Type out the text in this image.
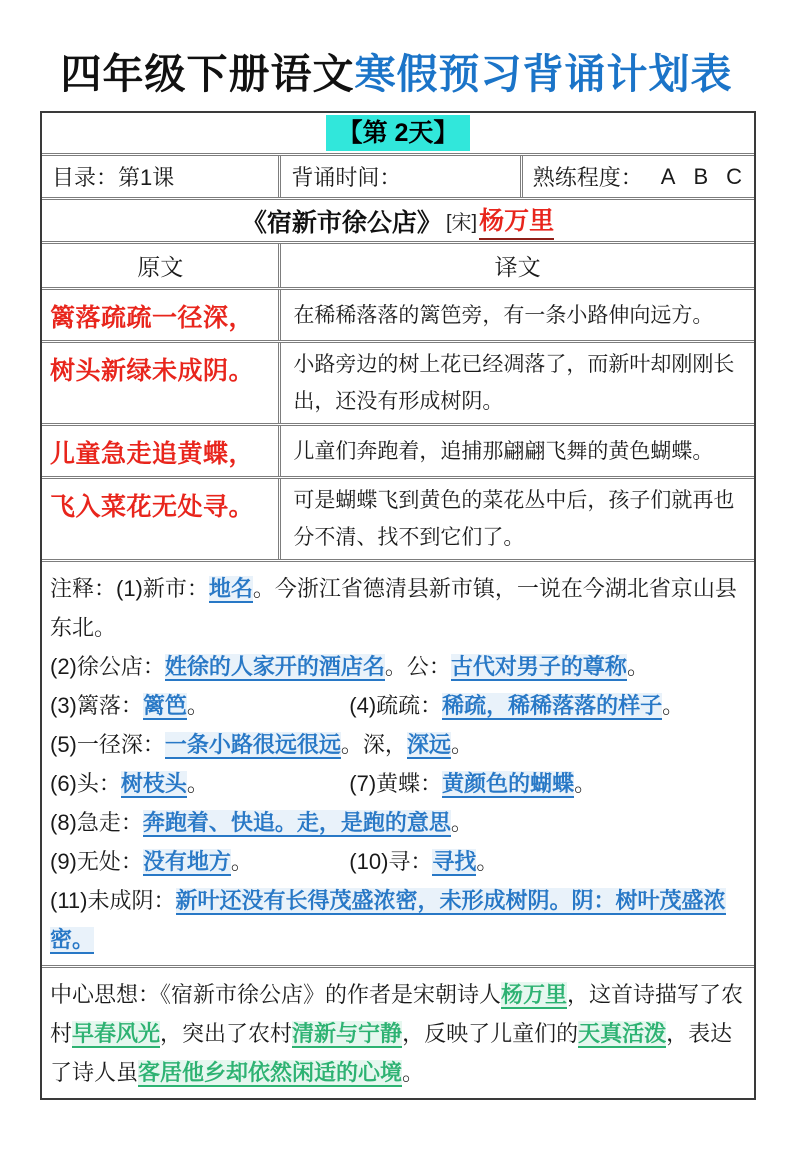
四年级下册语文寒假预习背诵计划表
【第 2天】
目录：第1课	背诵时间：	熟练程度： A B C
《宿新市徐公店》 [宋] 杨万里
原文	译文
篱落疏疏一径深，	在稀稀落落的篱笆旁，有一条小路伸向远方。
树头新绿未成阴。	小路旁边的树上花已经凋落了，而新叶却刚刚长出，还没有形成树阴。
儿童急走追黄蝶，	儿童们奔跑着，追捕那翩翩飞舞的黄色蝴蝶。
飞入菜花无处寻。	可是蝴蝶飞到黄色的菜花丛中后，孩子们就再也分不清、找不到它们了。
注释：(1)新市：地名。今浙江省德清县新市镇，一说在今湖北省京山县东北。
(2)徐公店：姓徐的人家开的酒店名。公：古代对男子的尊称。
(3)篱落：篱笆。	(4)疏疏：稀疏，稀稀落落的样子。
(5)一径深：一条小路很远很远。深，深远。
(6)头：树枝头。	(7)黄蝶：黄颜色的蝴蝶。
(8)急走：奔跑着、快追。走，是跑的意思。
(9)无处：没有地方。	(10)寻：寻找。
(11)未成阴：新叶还没有长得茂盛浓密，未形成树阴。阴：树叶茂盛浓密。

中心思想：《宿新市徐公店》的作者是宋朝诗人杨万里，这首诗描写了农村早春风光，突出了农村清新与宁静，反映了儿童们的天真活泼，表达了诗人虽客居他乡却依然闲适的心境。
